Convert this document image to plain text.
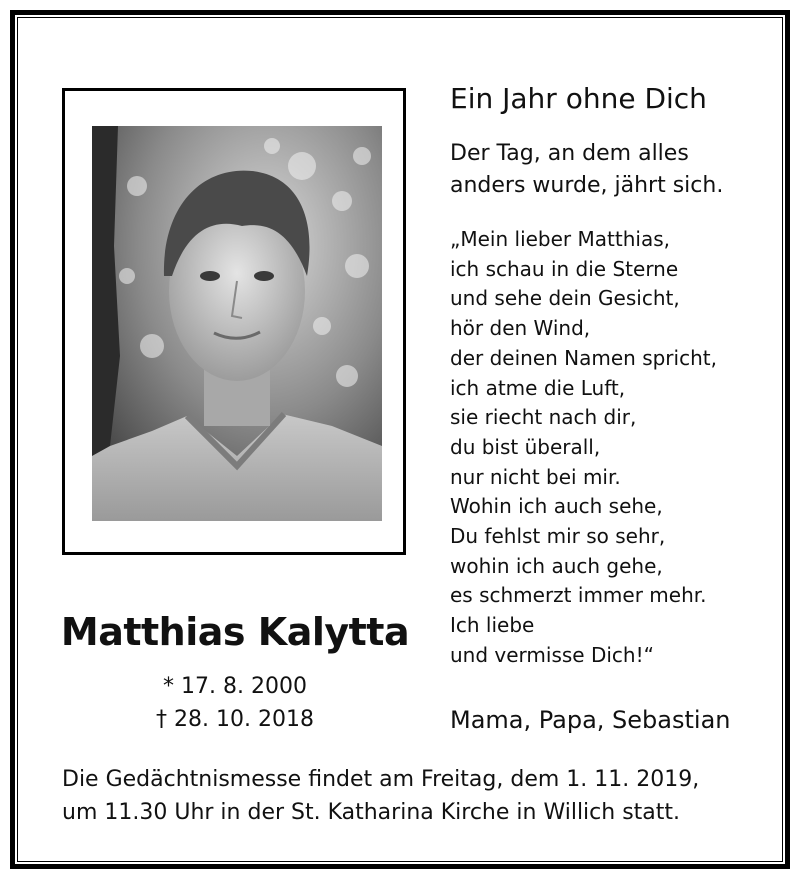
Matthias Kalytta
* 17. 8. 2000
† 28. 10. 2018
Ein Jahr ohne Dich
Der Tag, an dem alles
anders wurde, jährt sich.
„Mein lieber Matthias,
ich schau in die Sterne
und sehe dein Gesicht,
hör den Wind,
der deinen Namen spricht,
ich atme die Luft,
sie riecht nach dir,
du bist überall,
nur nicht bei mir.
Wohin ich auch sehe,
Du fehlst mir so sehr,
wohin ich auch gehe,
es schmerzt immer mehr.
Ich liebe
und vermisse Dich!“
Mama, Papa, Sebastian
Die Gedächtnismesse findet am Freitag, dem 1. 11. 2019,
um 11.30 Uhr in der St. Katharina Kirche in Willich statt.
